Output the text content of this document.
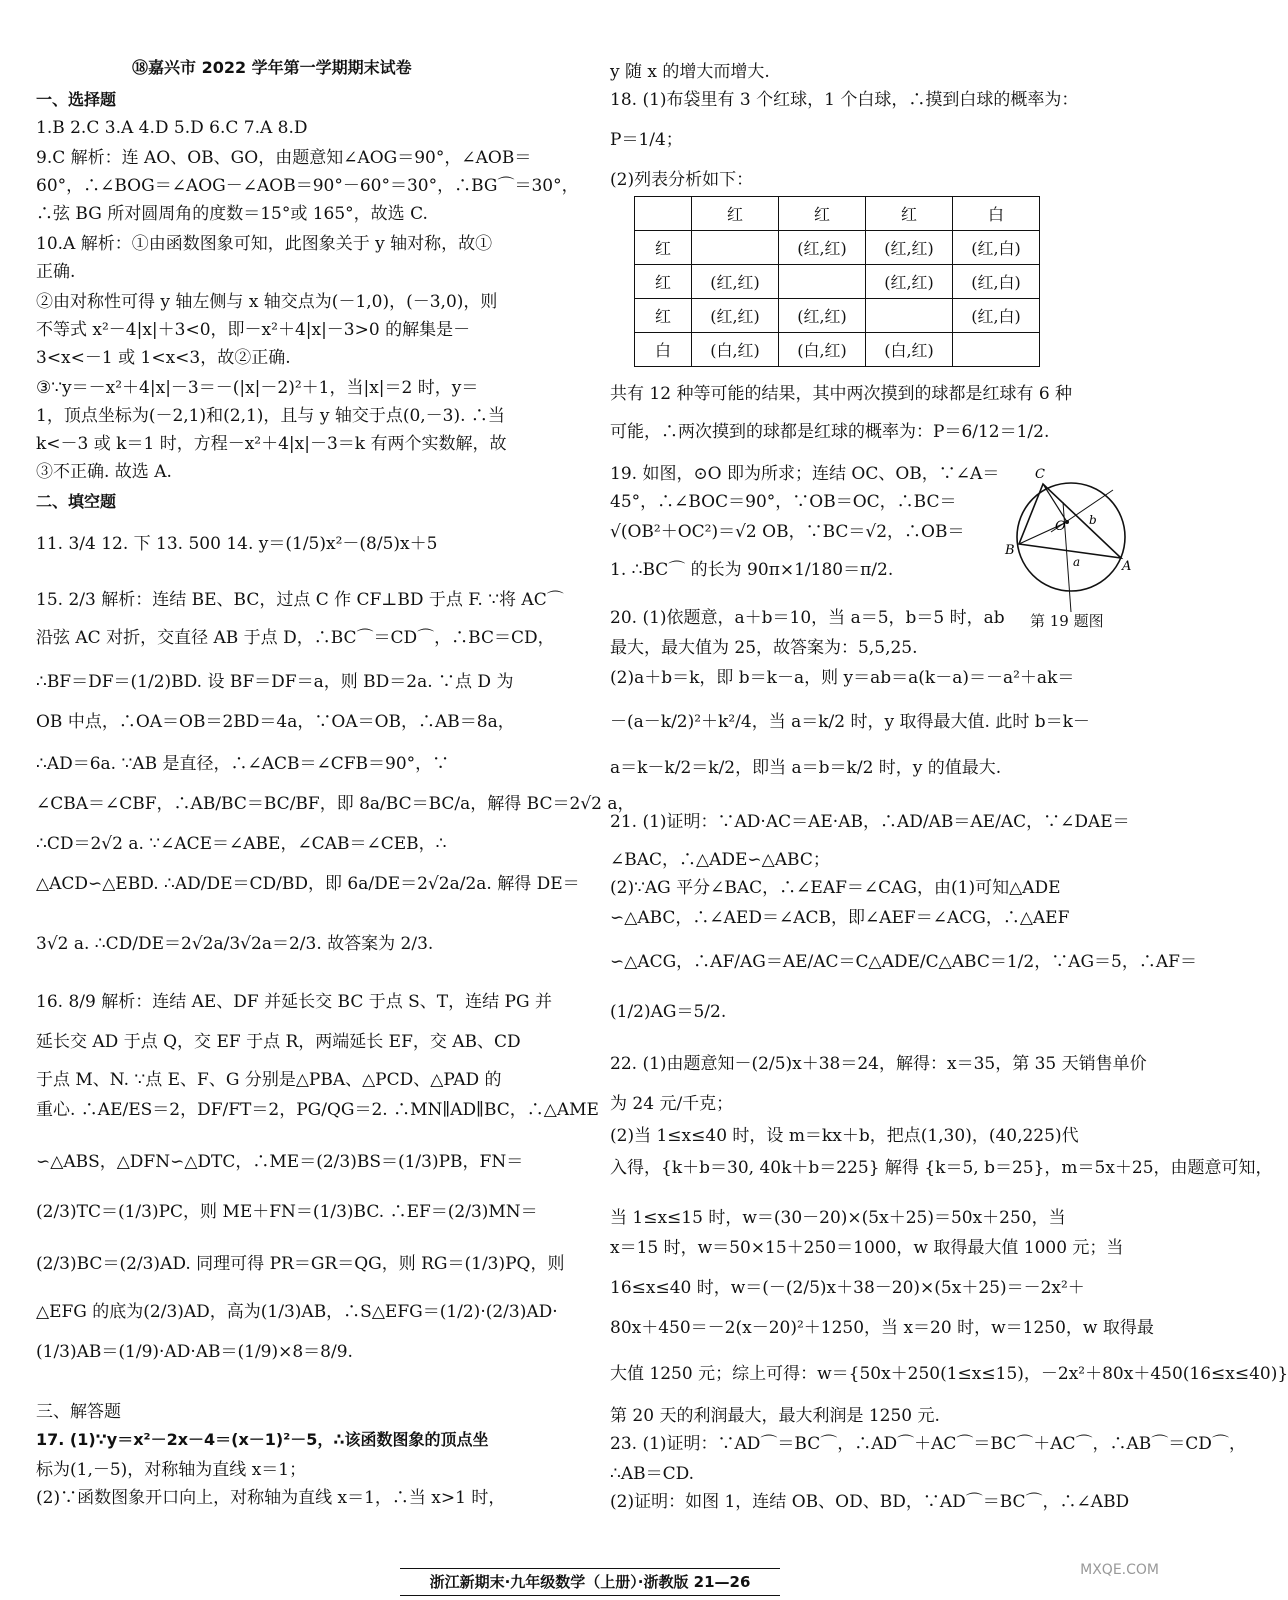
⑱嘉兴市 2022 学年第一学期期末试卷
一、选择题
1.B 2.C 3.A 4.D 5.D 6.C 7.A 8.D
9.C 解析：连 AO、OB、GO，由题意知∠AOG＝90°，∠AOB＝
60°，∴∠BOG＝∠AOG－∠AOB＝90°－60°＝30°，∴BG⌒＝30°，
∴弦 BG 所对圆周角的度数＝15°或 165°，故选 C.
10.A 解析：①由函数图象可知，此图象关于 y 轴对称，故①
正确.
②由对称性可得 y 轴左侧与 x 轴交点为(－1,0)，(－3,0)，则
不等式 x²－4|x|＋3<0，即－x²＋4|x|－3>0 的解集是－
3<x<－1 或 1<x<3，故②正确.
③∵y＝－x²＋4|x|－3＝－(|x|－2)²＋1，当|x|＝2 时，y＝
1，顶点坐标为(－2,1)和(2,1)，且与 y 轴交于点(0,－3). ∴当
k<－3 或 k＝1 时，方程－x²＋4|x|－3＝k 有两个实数解，故
③不正确. 故选 A.
二、填空题
11. 3/4 12. 下 13. 500 14. y＝(1/5)x²－(8/5)x＋5
15. 2/3 解析：连结 BE、BC，过点 C 作 CF⊥BD 于点 F. ∵将 AC⌒
沿弦 AC 对折，交直径 AB 于点 D，∴BC⌒＝CD⌒，∴BC＝CD，
∴BF＝DF＝(1/2)BD. 设 BF＝DF＝a，则 BD＝2a. ∵点 D 为
OB 中点，∴OA＝OB＝2BD＝4a，∵OA＝OB，∴AB＝8a，
∴AD＝6a. ∵AB 是直径，∴∠ACB＝∠CFB＝90°，∵
∠CBA＝∠CBF，∴AB/BC＝BC/BF，即 8a/BC＝BC/a，解得 BC＝2√2 a，
∴CD＝2√2 a. ∵∠ACE＝∠ABE，∠CAB＝∠CEB，∴
△ACD∽△EBD. ∴AD/DE＝CD/BD，即 6a/DE＝2√2a/2a. 解得 DE＝
3√2 a. ∴CD/DE＝2√2a/3√2a＝2/3. 故答案为 2/3.
16. 8/9 解析：连结 AE、DF 并延长交 BC 于点 S、T，连结 PG 并
延长交 AD 于点 Q，交 EF 于点 R，两端延长 EF，交 AB、CD
于点 M、N. ∵点 E、F、G 分别是△PBA、△PCD、△PAD 的
重心. ∴AE/ES＝2，DF/FT＝2，PG/QG＝2. ∴MN∥AD∥BC，∴△AME
∽△ABS，△DFN∽△DTC，∴ME＝(2/3)BS＝(1/3)PB，FN＝
(2/3)TC＝(1/3)PC，则 ME＋FN＝(1/3)BC. ∴EF＝(2/3)MN＝
(2/3)BC＝(2/3)AD. 同理可得 PR＝GR＝QG，则 RG＝(1/3)PQ，则
△EFG 的底为(2/3)AD，高为(1/3)AB，∴S△EFG＝(1/2)·(2/3)AD·
(1/3)AB＝(1/9)·AD·AB＝(1/9)×8＝8/9.
三、解答题
17. (1)∵y＝x²－2x－4＝(x－1)²－5，∴该函数图象的顶点坐
标为(1,－5)，对称轴为直线 x＝1；
(2)∵函数图象开口向上，对称轴为直线 x＝1，∴当 x>1 时，
y 随 x 的增大而增大.
18. (1)布袋里有 3 个红球，1 个白球，∴摸到白球的概率为：
P＝1/4；
(2)列表分析如下：
	红	红	红	白
红		(红,红)	(红,红)	(红,白)
红	(红,红)		(红,红)	(红,白)
红	(红,红)	(红,红)		(红,白)
白	(白,红)	(白,红)	(白,红)	
共有 12 种等可能的结果，其中两次摸到的球都是红球有 6 种
可能，∴两次摸到的球都是红球的概率为：P＝6/12＝1/2.
19. 如图，⊙O 即为所求；连结 OC、OB，∵∠A＝
45°，∴∠BOC＝90°，∵OB＝OC，∴BC＝
√(OB²＋OC²)＝√2 OB，∵BC＝√2，∴OB＝
1. ∴BC⌒ 的长为 90π×1/180＝π/2.
20. (1)依题意，a＋b＝10，当 a＝5，b＝5 时，ab
最大，最大值为 25，故答案为：5,5,25.
(2)a＋b＝k，即 b＝k－a，则 y＝ab＝a(k－a)＝－a²＋ak＝
－(a－k/2)²＋k²/4，当 a＝k/2 时，y 取得最大值. 此时 b＝k－
a＝k－k/2＝k/2，即当 a＝b＝k/2 时，y 的值最大.
21. (1)证明：∵AD·AC＝AE·AB，∴AD/AB＝AE/AC，∵∠DAE＝
∠BAC，∴△ADE∽△ABC；
(2)∵AG 平分∠BAC，∴∠EAF＝∠CAG，由(1)可知△ADE
∽△ABC，∴∠AED＝∠ACB，即∠AEF＝∠ACG，∴△AEF
∽△ACG，∴AF/AG＝AE/AC＝C△ADE/C△ABC＝1/2，∵AG＝5，∴AF＝
(1/2)AG＝5/2.
22. (1)由题意知－(2/5)x＋38＝24，解得：x＝35，第 35 天销售单价
为 24 元/千克；
(2)当 1≤x≤40 时，设 m＝kx＋b，把点(1,30)，(40,225)代
入得，{k＋b＝30, 40k＋b＝225} 解得 {k＝5, b＝25}，m＝5x＋25，由题意可知，
当 1≤x≤15 时，w＝(30－20)×(5x＋25)＝50x＋250，当
x＝15 时，w＝50×15＋250＝1000，w 取得最大值 1000 元；当
16≤x≤40 时，w＝(－(2/5)x＋38－20)×(5x＋25)＝－2x²＋
80x＋450＝－2(x－20)²＋1250，当 x＝20 时，w＝1250，w 取得最
大值 1250 元；综上可得：w＝{50x＋250(1≤x≤15)，－2x²＋80x＋450(16≤x≤40)}
第 20 天的利润最大，最大利润是 1250 元.
23. (1)证明：∵AD⌒＝BC⌒，∴AD⌒＋AC⌒＝BC⌒＋AC⌒，∴AB⌒＝CD⌒，
∴AB＝CD.
(2)证明：如图 1，连结 OB、OD、BD，∵AD⌒＝BC⌒，∴∠ABD
C
O
B
A
b
a
第 19 题图
浙江新期末·九年级数学（上册）·浙教版 21—26
MXQE.COM
